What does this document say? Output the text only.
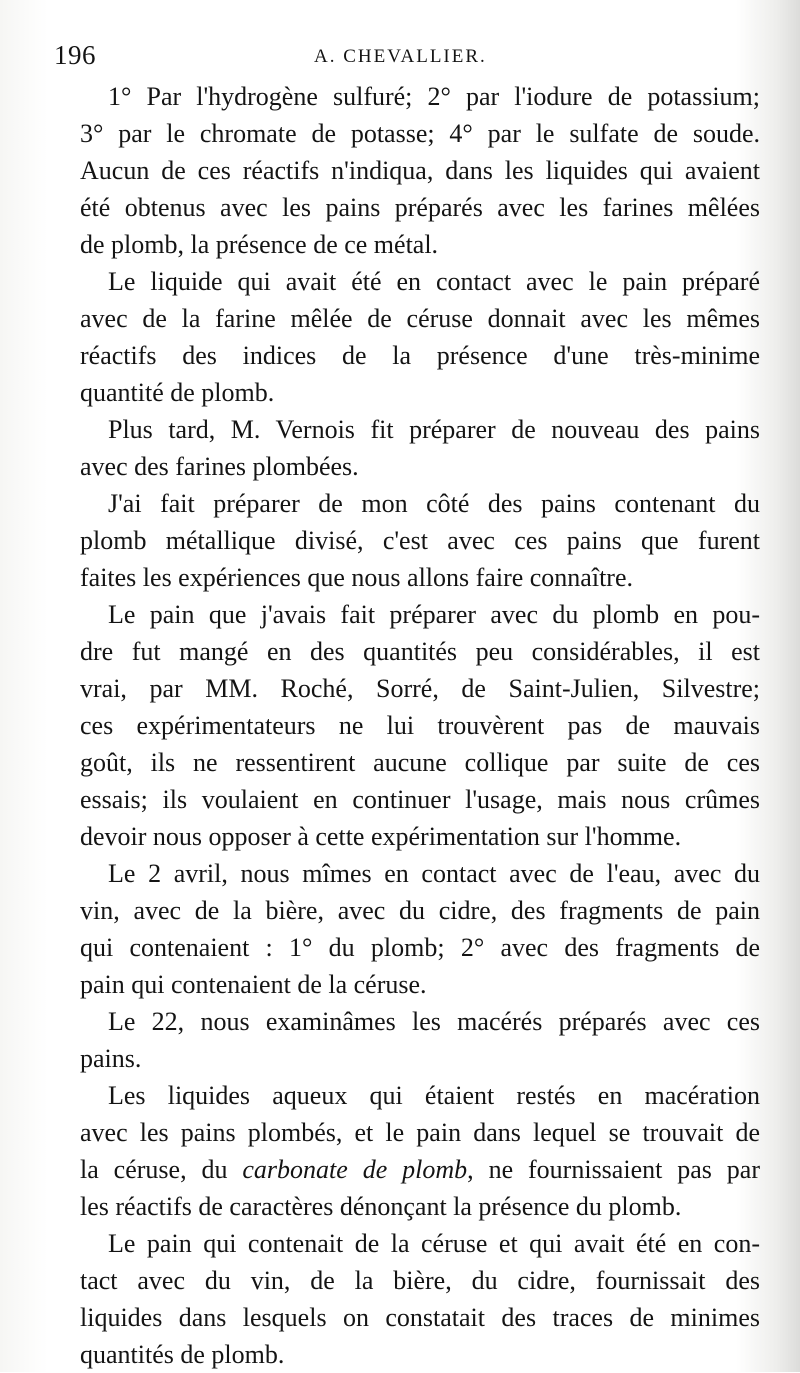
196	A. CHEVALLIER.

1° Par l'hydrogène sulfuré; 2° par l'iodure de potassium;
3° par le chromate de potasse; 4° par le sulfate de soude.
Aucun de ces réactifs n'indiqua, dans les liquides qui avaient
été obtenus avec les pains préparés avec les farines mêlées
de plomb, la présence de ce métal.

Le liquide qui avait été en contact avec le pain préparé
avec de la farine mêlée de céruse donnait avec les mêmes
réactifs des indices de la présence d'une très-minime
quantité de plomb.

Plus tard, M. Vernois fit préparer de nouveau des pains
avec des farines plombées.

J'ai fait préparer de mon côté des pains contenant du
plomb métallique divisé, c'est avec ces pains que furent
faites les expériences que nous allons faire connaître.

Le pain que j'avais fait préparer avec du plomb en pou-
dre fut mangé en des quantités peu considérables, il est
vrai, par MM. Roché, Sorré, de Saint-Julien, Silvestre;
ces expérimentateurs ne lui trouvèrent pas de mauvais
goût, ils ne ressentirent aucune collique par suite de ces
essais; ils voulaient en continuer l'usage, mais nous crûmes
devoir nous opposer à cette expérimentation sur l'homme.

Le 2 avril, nous mîmes en contact avec de l'eau, avec du
vin, avec de la bière, avec du cidre, des fragments de pain
qui contenaient : 1° du plomb; 2° avec des fragments de
pain qui contenaient de la céruse.

Le 22, nous examinâmes les macérés préparés avec ces
pains.

Les liquides aqueux qui étaient restés en macération
avec les pains plombés, et le pain dans lequel se trouvait de
la céruse, du carbonate de plomb, ne fournissaient pas par
les réactifs de caractères dénonçant la présence du plomb.

Le pain qui contenait de la céruse et qui avait été en con-
tact avec du vin, de la bière, du cidre, fournissait des
liquides dans lesquels on constatait des traces de minimes
quantités de plomb.
